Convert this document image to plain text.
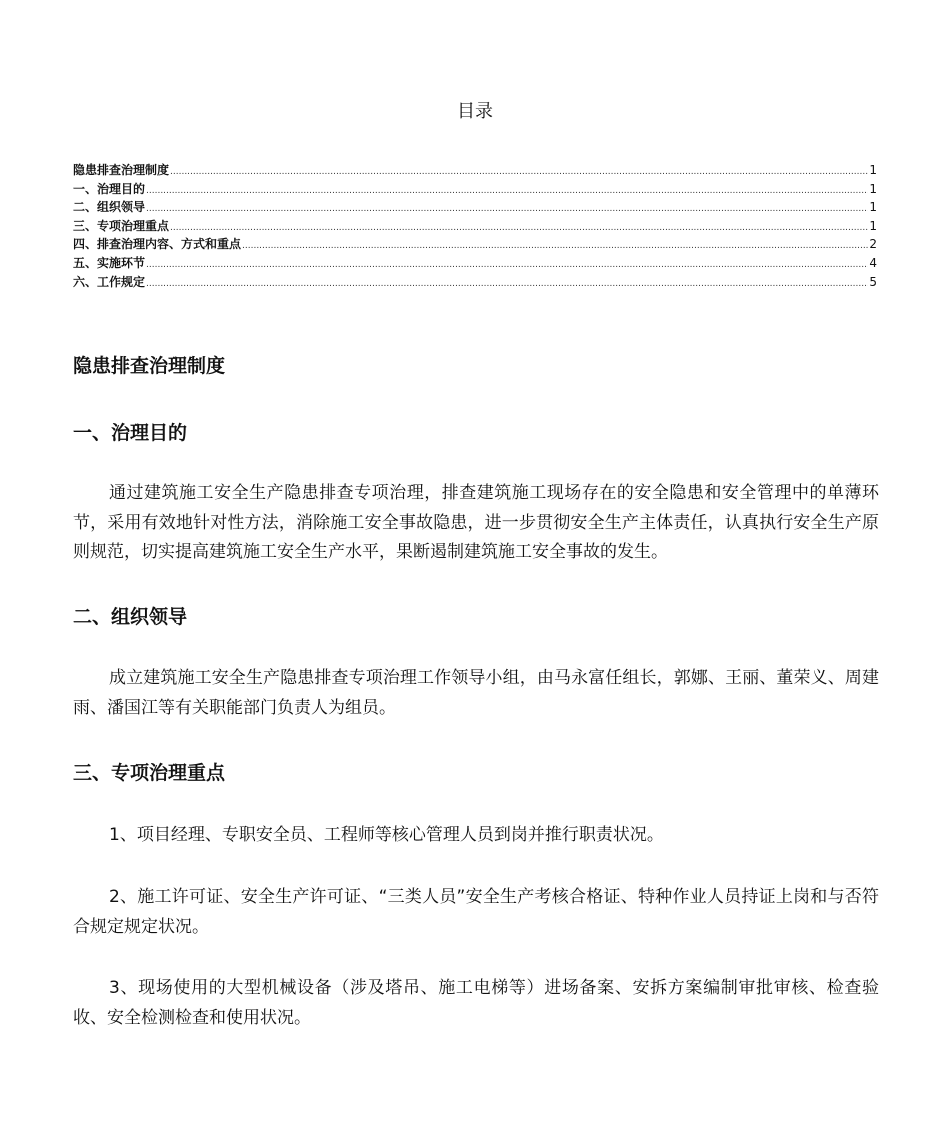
目录
隐患排查治理制度 .....	1
一、治理目的 .....	1
二、组织领导 .....	1
三、专项治理重点 .....	1
四、排查治理内容、方式和重点 .....	2
五、实施环节 .....	4
六、工作规定 .....	5
隐患排查治理制度
一、治理目的

通过建筑施工安全生产隐患排查专项治理，排查建筑施工现场存在的安全隐患和安全管理中的单薄环节，采用有效地针对性方法，消除施工安全事故隐患，进一步贯彻安全生产主体责任，认真执行安全生产原则规范，切实提高建筑施工安全生产水平，果断遏制建筑施工安全事故的发生。

二、组织领导

成立建筑施工安全生产隐患排查专项治理工作领导小组，由马永富任组长，郭娜、王丽、董荣义、周建雨、潘国江等有关职能部门负责人为组员。

三、专项治理重点

1、项目经理、专职安全员、工程师等核心管理人员到岗并推行职责状况。

2、施工许可证、安全生产许可证、“三类人员”安全生产考核合格证、特种作业人员持证上岗和与否符合规定规定状况。

3、现场使用的大型机械设备（涉及塔吊、施工电梯等）进场备案、安拆方案编制审批审核、检查验收、安全检测检查和使用状况。
